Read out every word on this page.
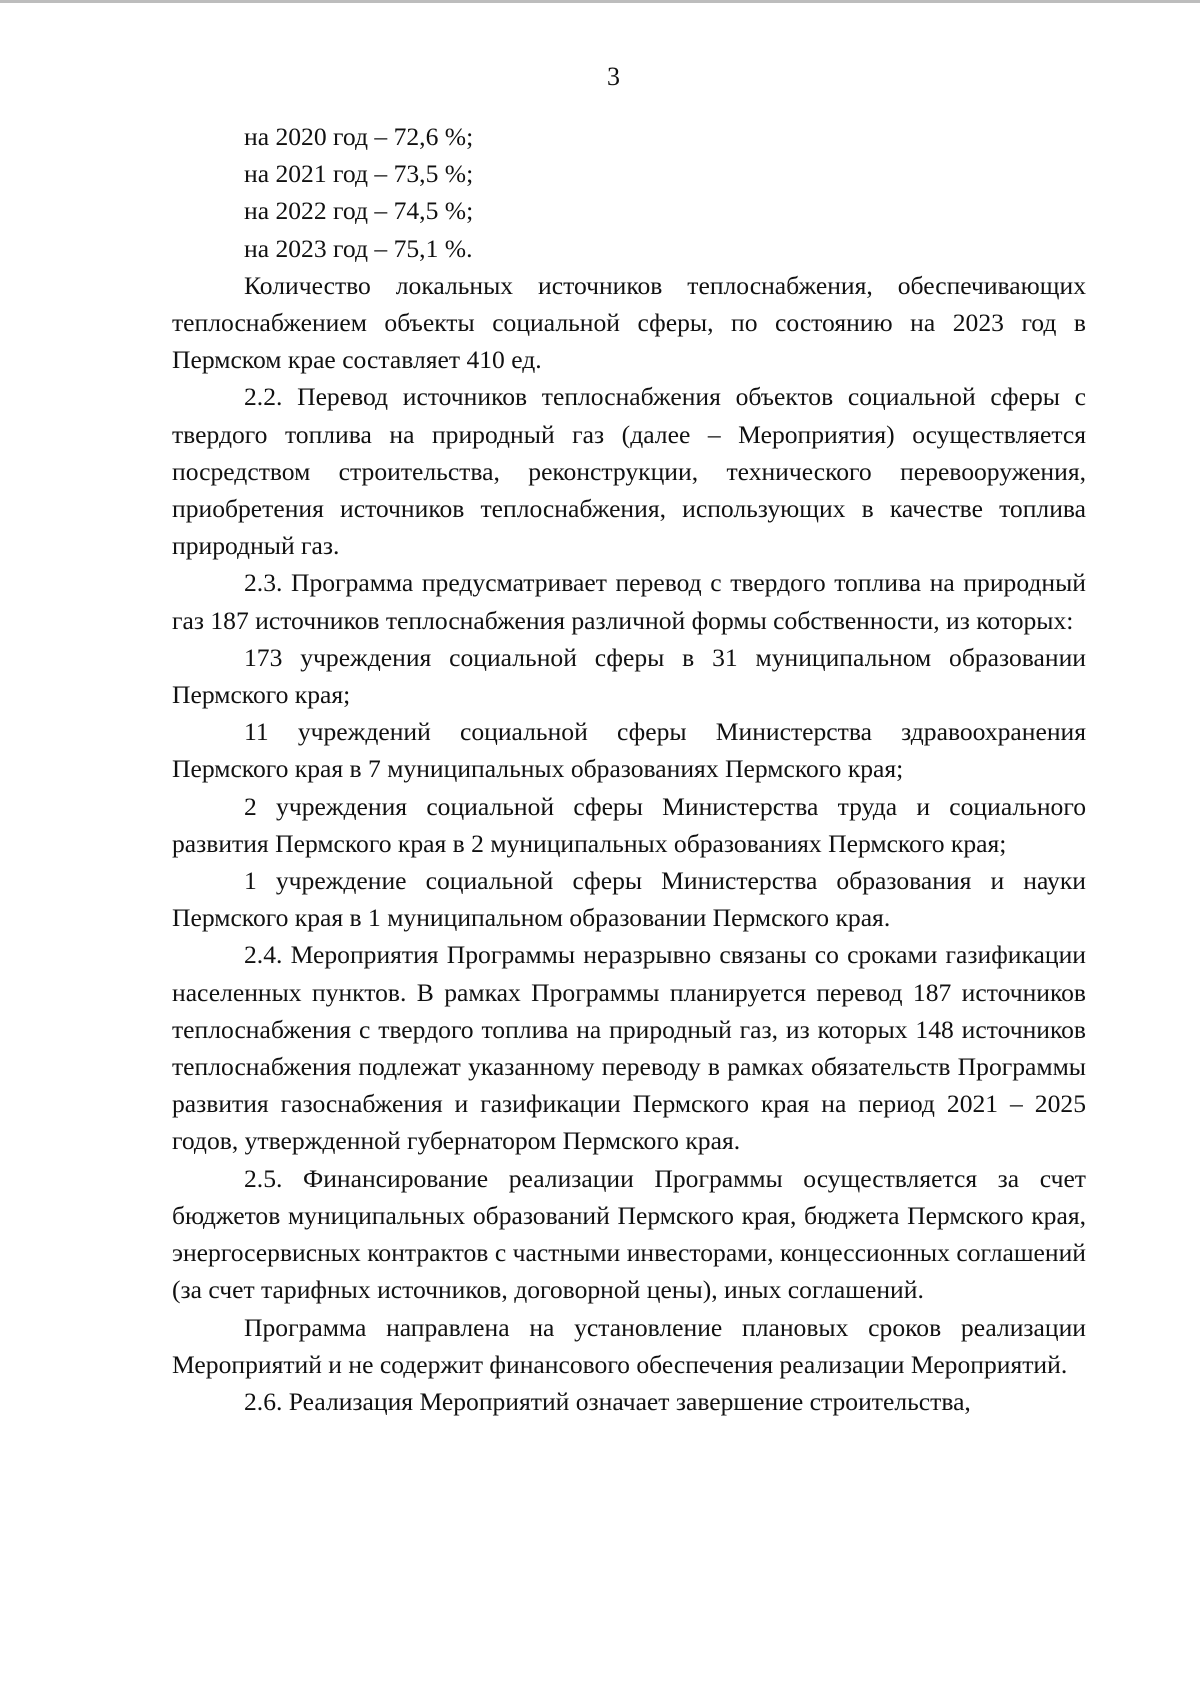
3

на 2020 год – 72,6 %;

на 2021 год – 73,5 %;

на 2022 год – 74,5 %;

на 2023 год – 75,1 %.

Количество локальных источников теплоснабжения, обеспечивающих теплоснабжением объекты социальной сферы, по состоянию на 2023 год в Пермском крае составляет 410 ед.

2.2. Перевод источников теплоснабжения объектов социальной сферы с твердого топлива на природный газ (далее – Мероприятия) осуществляется посредством строительства, реконструкции, технического перевооружения, приобретения источников теплоснабжения, использующих в качестве топлива природный газ.

2.3. Программа предусматривает перевод с твердого топлива на природный газ 187 источников теплоснабжения различной формы собственности, из которых:

173 учреждения социальной сферы в 31 муниципальном образовании Пермского края;

11 учреждений социальной сферы Министерства здравоохранения Пермского края в 7 муниципальных образованиях Пермского края;

2 учреждения социальной сферы Министерства труда и социального развития Пермского края в 2 муниципальных образованиях Пермского края;

1 учреждение социальной сферы Министерства образования и науки Пермского края в 1 муниципальном образовании Пермского края.

2.4. Мероприятия Программы неразрывно связаны со сроками газификации населенных пунктов. В рамках Программы планируется перевод 187 источников теплоснабжения с твердого топлива на природный газ, из которых 148 источников теплоснабжения подлежат указанному переводу в рамках обязательств Программы развития газоснабжения и газификации Пермского края на период 2021 – 2025 годов, утвержденной губернатором Пермского края.

2.5. Финансирование реализации Программы осуществляется за счет бюджетов муниципальных образований Пермского края, бюджета Пермского края, энергосервисных контрактов с частными инвесторами, концессионных соглашений (за счет тарифных источников, договорной цены), иных соглашений.

Программа направлена на установление плановых сроков реализации Мероприятий и не содержит финансового обеспечения реализации Мероприятий.

2.6. Реализация Мероприятий означает завершение строительства,
